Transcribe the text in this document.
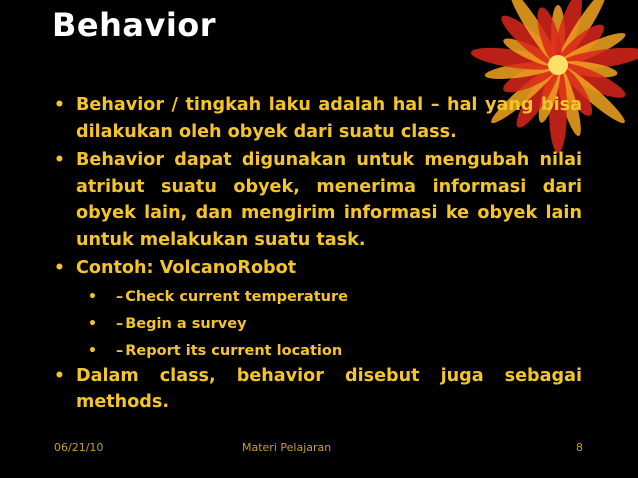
Behavior
• Behavior / tingkah laku adalah hal – hal yang bisa dilakukan oleh obyek dari suatu class.
• Behavior dapat digunakan untuk mengubah nilai atribut suatu obyek, menerima informasi dari obyek lain, dan mengirim informasi ke obyek lain untuk melakukan suatu task.
• Contoh: VolcanoRobot
• – Check current temperature
• – Begin a survey
• – Report its current location
• Dalam class, behavior disebut juga sebagai methods.
06/21/10	Materi Pelajaran	8
